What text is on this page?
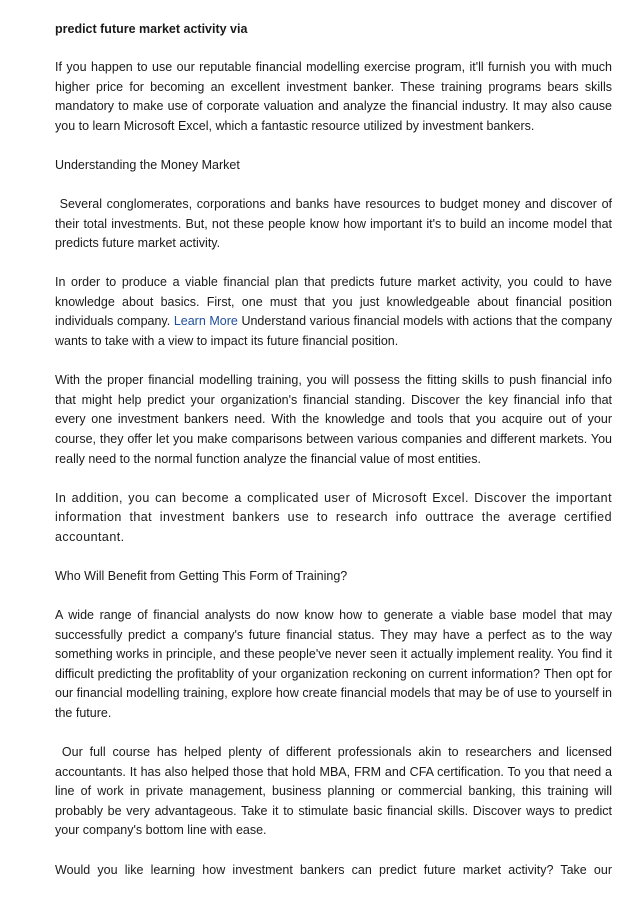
predict future market activity via

If you happen to use our reputable financial modelling exercise program, it'll furnish you with much higher price for becoming an excellent investment banker. These training programs bears skills mandatory to make use of corporate valuation and analyze the financial industry. It may also cause you to learn Microsoft Excel, which a fantastic resource utilized by investment bankers.

Understanding the Money Market

Several conglomerates, corporations and banks have resources to budget money and discover of their total investments. But, not these people know how important it's to build an income model that predicts future market activity.

In order to produce a viable financial plan that predicts future market activity, you could to have knowledge about basics. First, one must that you just knowledgeable about financial position individuals company. Learn More Understand various financial models with actions that the company wants to take with a view to impact its future financial position.

With the proper financial modelling training, you will possess the fitting skills to push financial info that might help predict your organization's financial standing. Discover the key financial info that every one investment bankers need. With the knowledge and tools that you acquire out of your course, they offer let you make comparisons between various companies and different markets. You really need to the normal function analyze the financial value of most entities.

In addition, you can become a complicated user of Microsoft Excel. Discover the important information that investment bankers use to research info outtrace the average certified accountant.

Who Will Benefit from Getting This Form of Training?

A wide range of financial analysts do now know how to generate a viable base model that may successfully predict a company's future financial status. They may have a perfect as to the way something works in principle, and these people've never seen it actually implement reality. You find it difficult predicting the profitablity of your organization reckoning on current information? Then opt for our financial modelling training, explore how create financial models that may be of use to yourself in the future.

Our full course has helped plenty of different professionals akin to researchers and licensed accountants. It has also helped those that hold MBA, FRM and CFA certification. To you that need a line of work in private management, business planning or commercial banking, this training will probably be very advantageous. Take it to stimulate basic financial skills. Discover ways to predict your company's bottom line with ease.

Would you like learning how investment bankers can predict future market activity? Take our
